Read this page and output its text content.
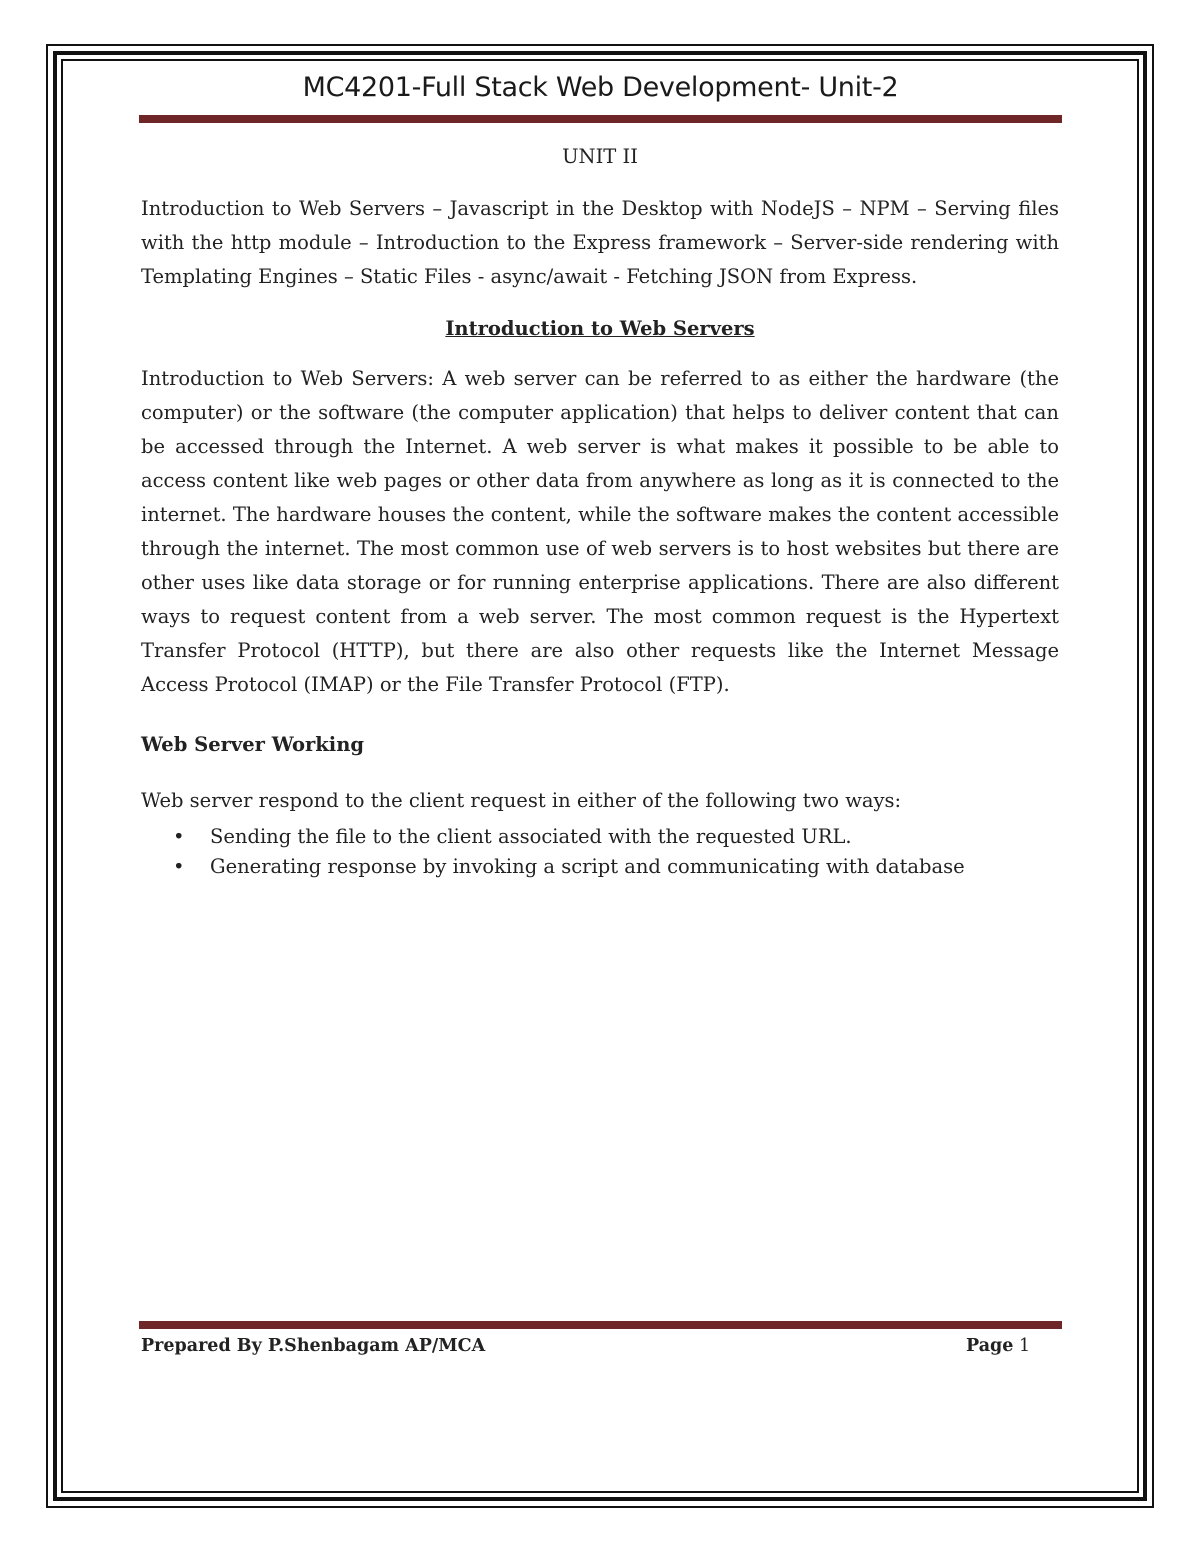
MC4201-Full Stack Web Development- Unit-2

UNIT II

Introduction to Web Servers – Javascript in the Desktop with NodeJS – NPM – Serving files with the http module – Introduction to the Express framework – Server-side rendering with Templating Engines – Static Files - async/await - Fetching JSON from Express.

Introduction to Web Servers

Introduction to Web Servers: A web server can be referred to as either the hardware (the computer) or the software (the computer application) that helps to deliver content that can be accessed through the Internet. A web server is what makes it possible to be able to access content like web pages or other data from anywhere as long as it is connected to the internet. The hardware houses the content, while the software makes the content accessible through the internet. The most common use of web servers is to host websites but there are other uses like data storage or for running enterprise applications. There are also different ways to request content from a web server. The most common request is the Hypertext Transfer Protocol (HTTP), but there are also other requests like the Internet Message Access Protocol (IMAP) or the File Transfer Protocol (FTP).

Web Server Working

Web server respond to the client request in either of the following two ways:

• Sending the file to the client associated with the requested URL.
• Generating response by invoking a script and communicating with database
Prepared By P.Shenbagam AP/MCA	Page 1
